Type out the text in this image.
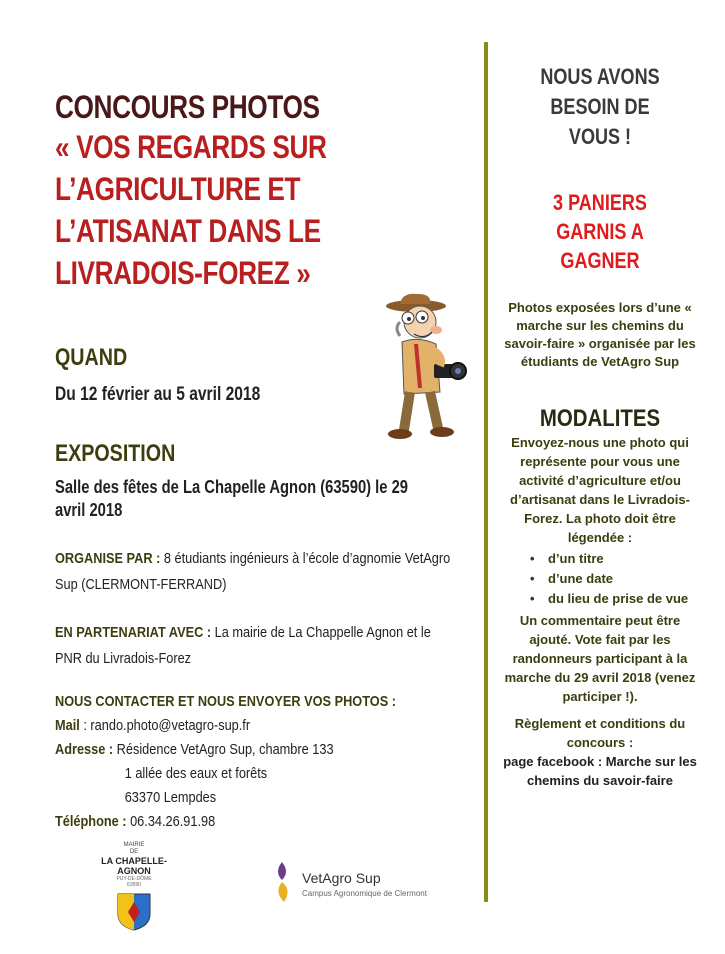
CONCOURS PHOTOS
« VOS REGARDS SUR
L’AGRICULTURE ET
L’ATISANAT DANS LE
LIVRADOIS-FOREZ »
QUAND
Du 12 février au 5 avril 2018
EXPOSITION
Salle des fêtes de La Chapelle Agnon (63590) le 29
avril 2018
ORGANISE PAR : 8 étudiants ingénieurs à l’école d’agnomie VetAgro Sup (CLERMONT-FERRAND)
EN PARTENARIAT AVEC : La mairie de La Chappelle Agnon et le PNR du Livradois-Forez
NOUS CONTACTER ET NOUS ENVOYER VOS PHOTOS :
Mail : rando.photo@vetagro-sup.fr
Adresse : Résidence VetAgro Sup, chambre 133
1 allée des eaux et forêts
63370 Lempdes
Téléphone : 06.34.26.91.98
NOUS AVONS
BESOIN DE
VOUS !
3 PANIERS
GARNIS A
GAGNER
Photos exposées lors d’une « marche sur les chemins du savoir-faire » organisée par les étudiants de VetAgro Sup
MODALITES
Envoyez-nous une photo qui représente pour vous une activité d’agriculture et/ou d’artisanat dans le Livradois-Forez. La photo doit être légendée :
• d’un titre
• d’une date
• du lieu de prise de vue
Un commentaire peut être ajouté. Vote fait par les randonneurs participant à la marche du 29 avril 2018 (venez participer !).
Règlement et conditions du concours :
page facebook : Marche sur les chemins du savoir-faire
MAIRIE
DE
LA CHAPELLE-AGNON
PUY-DE-DÔME
63590	VetAgro Sup
Campus Agronomique de Clermont
